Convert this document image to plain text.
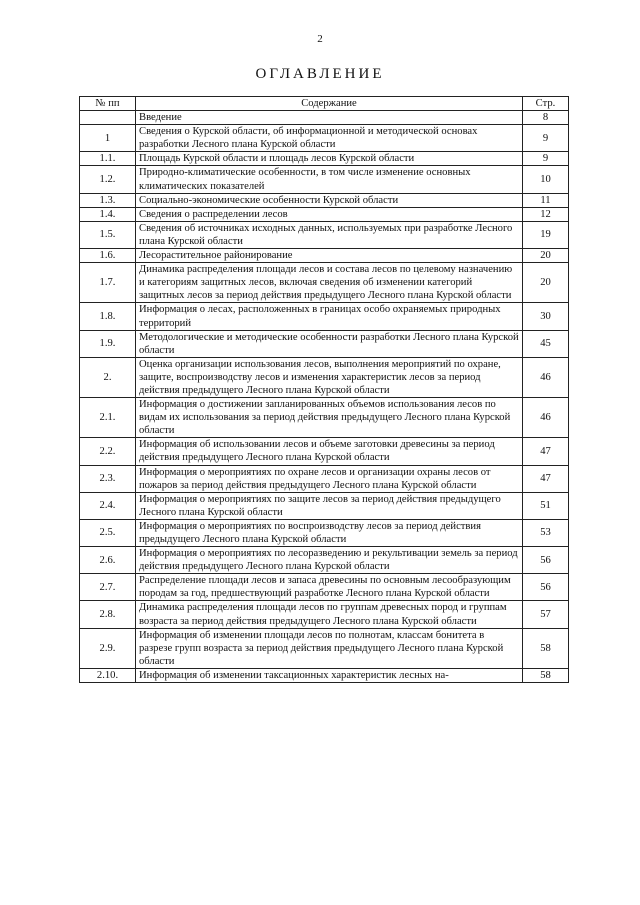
2
ОГЛАВЛЕНИЕ
№ пп	Содержание	Стр.
	Введение	8
1	Сведения о Курской области, об информационной и методической основах разработки Лесного плана Курской области	9
1.1.	Площадь Курской области и площадь лесов Курской области	9
1.2.	Природно-климатические особенности, в том числе изменение основных климатических показателей	10
1.3.	Социально-экономические особенности Курской области	11
1.4.	Сведения о распределении лесов	12
1.5.	Сведения об источниках исходных данных, используемых при разработке Лесного плана Курской области	19
1.6.	Лесорастительное районирование	20
1.7.	Динамика распределения площади лесов и состава лесов по целевому назначению и категориям защитных лесов, включая сведения об изменении категорий защитных лесов за период действия предыдущего Лесного плана Курской области	20
1.8.	Информация о лесах, расположенных в границах особо охраняемых природных территорий	30
1.9.	Методологические и методические особенности разработки Лесного плана Курской области	45
2.	Оценка организации использования лесов, выполнения мероприятий по охране, защите, воспроизводству лесов и изменения характеристик лесов за период действия предыдущего Лесного плана Курской области	46
2.1.	Информация о достижении запланированных объемов использования лесов по видам их использования за период действия предыдущего Лесного плана Курской области	46
2.2.	Информация об использовании лесов и объеме заготовки древесины за период действия предыдущего Лесного плана Курской области	47
2.3.	Информация о мероприятиях по охране лесов и организации охраны лесов от пожаров за период действия предыдущего Лесного плана Курской области	47
2.4.	Информация о мероприятиях по защите лесов за период действия предыдущего Лесного плана Курской области	51
2.5.	Информация о мероприятиях по воспроизводству лесов за период действия предыдущего Лесного плана Курской области	53
2.6.	Информация о мероприятиях по лесоразведению и рекультивации земель за период действия предыдущего Лесного плана Курской области	56
2.7.	Распределение площади лесов и запаса древесины по основным лесообразующим породам за год, предшествующий разработке Лесного плана Курской области	56
2.8.	Динамика распределения площади лесов по группам древесных пород и группам возраста за период действия предыдущего Лесного плана Курской области	57
2.9.	Информация об изменении площади лесов по полнотам, классам бонитета в разрезе групп возраста за период действия предыдущего Лесного плана Курской области	58
2.10.	Информация об изменении таксационных характеристик лесных на-	58
